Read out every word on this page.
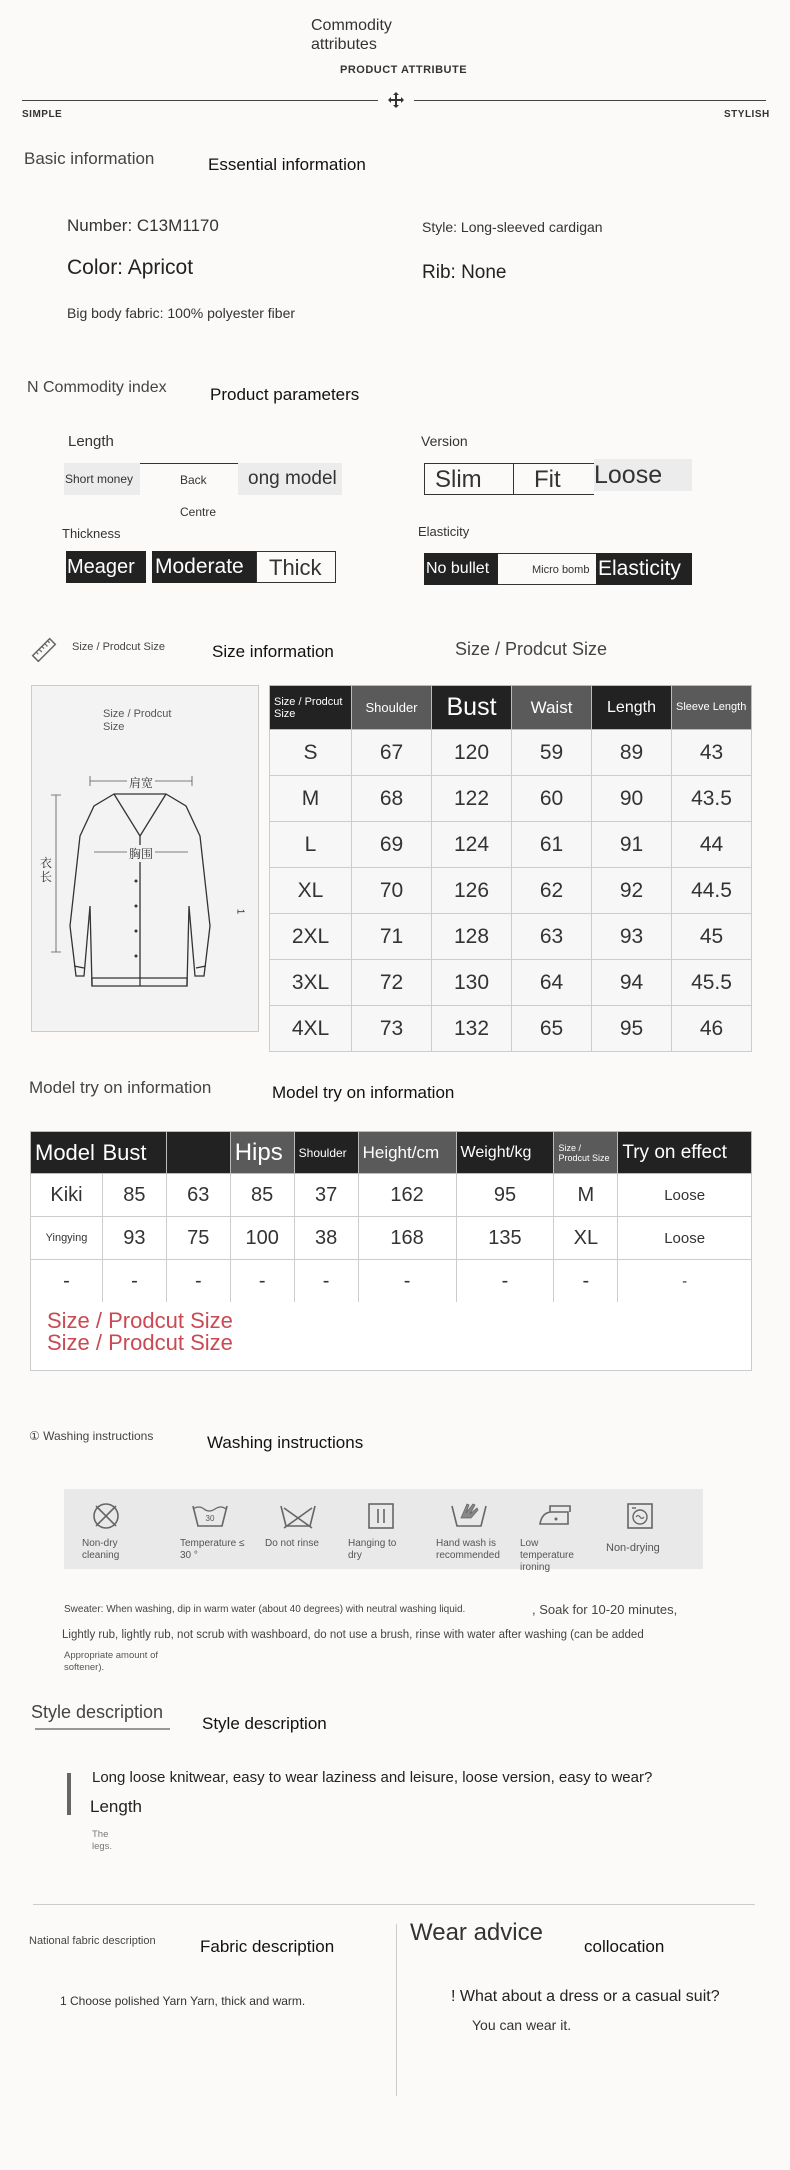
Commodity
attributes
PRODUCT ATTRIBUTE
SIMPLE	STYLISH
Basic information	Essential information
Number: C13M1170	Style: Long-sleeved cardigan
Color: Apricot	Rib: None
Big body fabric: 100% polyester fiber
N Commodity index	Product parameters
Length
Short money	Back Centre
ong model
Version
Slim	Fit	Loose
Thickness
Meager Moderate	Thick
Elasticity
No bullet	Micro bomb Elasticity
Size / Prodcut Size	Size information	Size / Prodcut Size
Size / Prodcut Size
肩宽
胸围
衣长
1
Size / Prodcut Size	Shoulder	Bust	Waist	Length	Sleeve Length
S	67	120	59	89	43
M	68	122	60	90	43.5
L	69	124	61	91	44
XL	70	126	62	92	44.5
2XL	71	128	63	93	45
3XL	72	130	64	94	45.5
4XL	73	132	65	95	46
Model try on information	Model try on information
Model	Bust		Hips	Shoulder	Height/cm	Weight/kg	Size / Prodcut Size	Try on effect
Kiki	85	63	85	37	162	95	M	Loose
Yingying	93	75	100	38	168	135	XL	Loose
-	-	-	-	-	-	-	-	-
Size / Prodcut Size
Size / Prodcut Size
① Washing instructions	Washing instructions
Non-dry cleaning
30
Temperature ≤ 30 °
Do not rinse	Hanging to dry
Hand wash is recommended
Low temperature ironing
Non-drying
Sweater: When washing, dip in warm water (about 40 degrees) with neutral washing liquid.	, Soak for 10-20 minutes,
Lightly rub, lightly rub, not scrub with washboard, do not use a brush, rinse with water after washing (can be added
Appropriate amount of
softener).
Style description
Style description
Long loose knitwear, easy to wear laziness and leisure, loose version, easy to wear?
Length
The
legs.
National fabric description	Fabric description
1 Choose polished Yarn Yarn, thick and warm.
Wear advice
collocation
! What about a dress or a casual suit?
You can wear it.
